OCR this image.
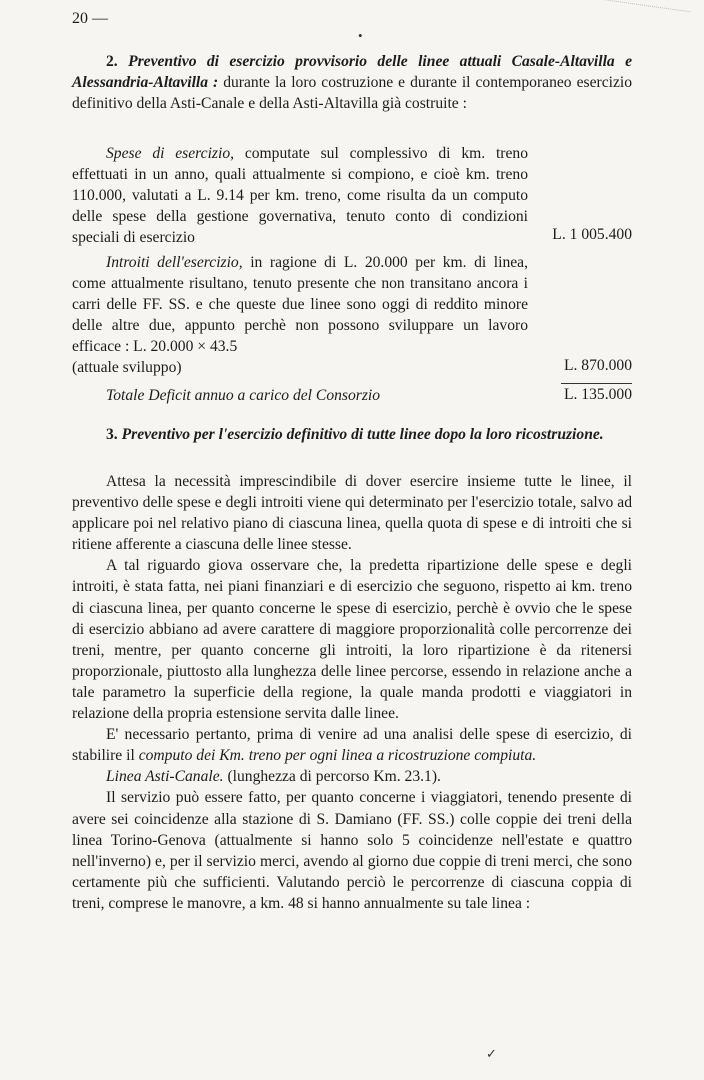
20 —
•

2. Preventivo di esercizio provvisorio delle linee attuali Casale-Altavilla e Alessandria-Altavilla : durante la loro costruzione e durante il contemporaneo esercizio definitivo della Asti-Canale e della Asti-Altavilla già costruite :

Spese di esercizio, computate sul complessivo di km. treno effettuati in un anno, quali attualmente si compiono, e cioè km. treno 110.000, valutati a L. 9.14 per km. treno, come risulta da un computo delle spese della gestione governativa, tenuto conto di condizioni speciali di esercizio	L. 1 005.400

Introiti dell'esercizio, in ragione di L. 20.000 per km. di linea, come attualmente risultano, tenuto presente che non transitano ancora i carri delle FF. SS. e che queste due linee sono oggi di reddito minore delle altre due, appunto perchè non possono sviluppare un lavoro efficace : L. 20.000 × 43.5

(attuale sviluppo)	L. 870.000
Totale Deficit annuo a carico del Consorzio	L. 135.000

3. Preventivo per l'esercizio definitivo di tutte linee dopo la loro ricostruzione.

Attesa la necessità imprescindibile di dover esercire insieme tutte le linee, il preventivo delle spese e degli introiti viene qui determinato per l'esercizio totale, salvo ad applicare poi nel relativo piano di ciascuna linea, quella quota di spese e di introiti che si ritiene afferente a ciascuna delle linee stesse.

A tal riguardo giova osservare che, la predetta ripartizione delle spese e degli introiti, è stata fatta, nei piani finanziari e di esercizio che seguono, rispetto ai km. treno di ciascuna linea, per quanto concerne le spese di esercizio, perchè è ovvio che le spese di esercizio abbiano ad avere carattere di maggiore proporzionalità colle percorrenze dei treni, mentre, per quanto concerne gli introiti, la loro ripartizione è da ritenersi proporzionale, piuttosto alla lunghezza delle linee percorse, essendo in relazione anche a tale parametro la superficie della regione, la quale manda prodotti e viaggiatori in relazione della propria estensione servita dalle linee.

E' necessario pertanto, prima di venire ad una analisi delle spese di esercizio, di stabilire il computo dei Km. treno per ogni linea a ricostruzione compiuta.

Linea Asti-Canale. (lunghezza di percorso Km. 23.1).

Il servizio può essere fatto, per quanto concerne i viaggiatori, tenendo presente di avere sei coincidenze alla stazione di S. Damiano (FF. SS.) colle coppie dei treni della linea Torino-Genova (attualmente si hanno solo 5 coincidenze nell'estate e quattro nell'inverno) e, per il servizio merci, avendo al giorno due coppie di treni merci, che sono certamente più che sufficienti. Valutando perciò le percorrenze di ciascuna coppia di treni, comprese le manovre, a km. 48 si hanno annualmente su tale linea :

✓
